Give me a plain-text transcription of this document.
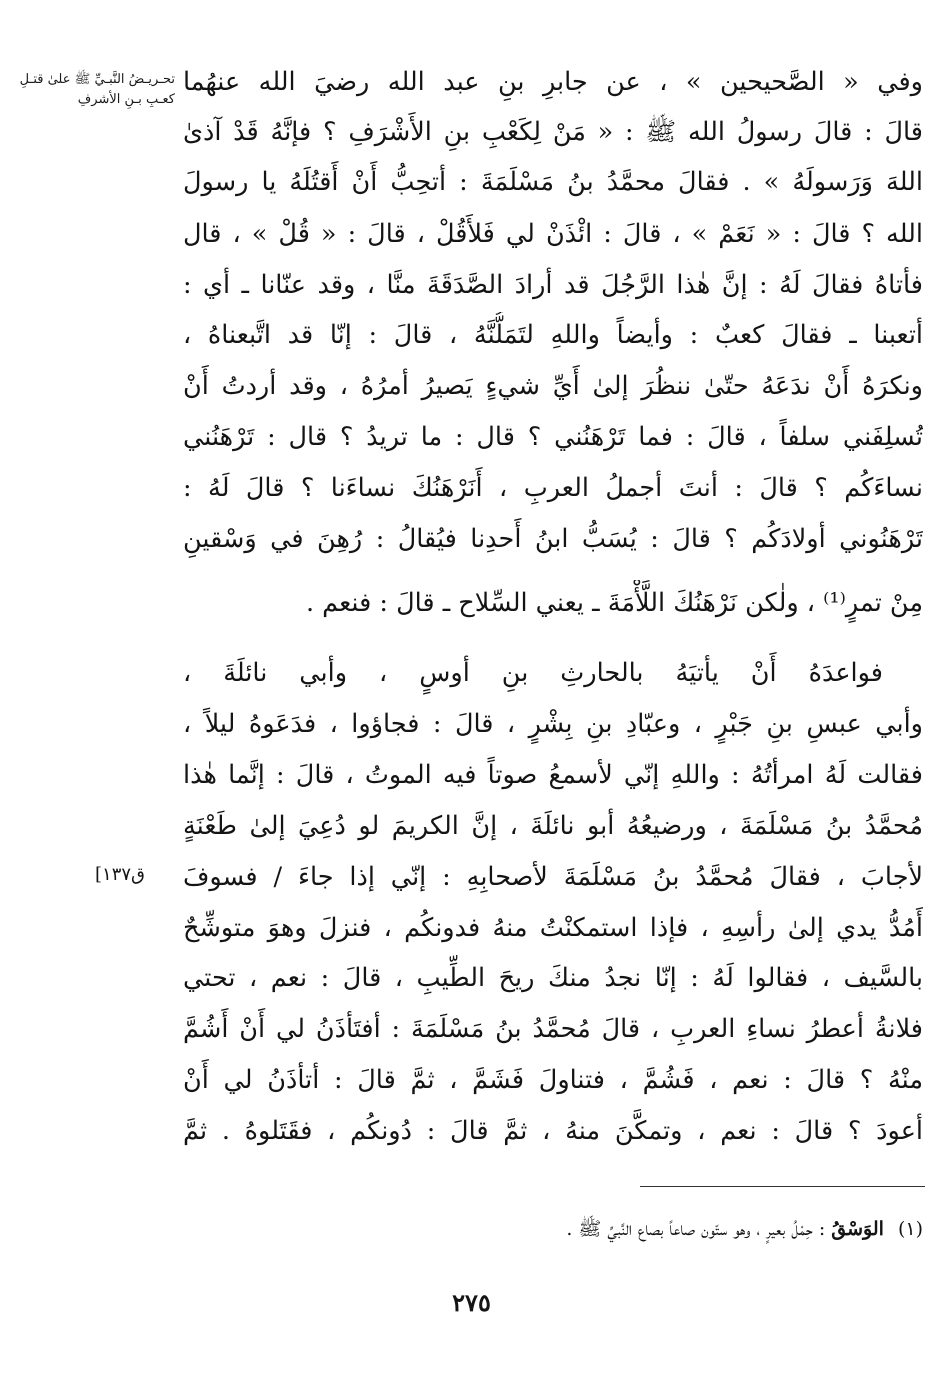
تحـريـضُ النَّبـيِّ ﷺ علىٰ قتـلِ كعـبِ بـنِ الأشرفِ
وفي « الصَّحيحين » ، عن جابرِ بنِ عبد الله رضيَ الله عنهُما
قالَ : قالَ رسولُ الله ﷺ : « مَنْ لِكَعْبِ بنِ الأَشْرَفِ ؟ فإنَّهُ قَدْ آذىٰ
اللهَ وَرَسولَهُ » . فقالَ محمَّدُ بنُ مَسْلَمَةَ : أتحِبُّ أَنْ أَقتُلَهُ يا رسولَ
الله ؟ قالَ : « نَعَمْ » ، قالَ : ائْذَنْ لي فَلأَقُلْ ، قالَ : « قُلْ » ، قال
فأتاهُ فقالَ لَهُ : إنَّ هٰذا الرَّجُلَ قد أرادَ الصَّدَقَةَ منَّا ، وقد عنّانا ـ أي :
أتعبنا ـ فقالَ كعبٌ : وأيضاً واللهِ لتَمَلُّنَّهُ ، قالَ : إنّا قد اتَّبعناهُ ،
ونكرَهُ أَنْ ندَعَهُ حتّىٰ ننظُرَ إلىٰ أَيِّ شيءٍ يَصيرُ أمرُهُ ، وقد أردتُ أَنْ
تُسلِفَني سلفاً ، قالَ : فما تَرْهَنُني ؟ قال : ما تريدُ ؟ قال : تَرْهَنُني
نساءَكُم ؟ قالَ : أنتَ أجملُ العربِ ، أَنَرْهَنُكَ نساءَنا ؟ قالَ لَهُ :
تَرْهَنُوني أولادَكُم ؟ قالَ : يُسَبُّ ابنُ أَحدِنا فيُقالُ : رُهِنَ في وَسْقينِ
مِنْ تمرٍ⁽¹⁾ ، ولٰكن نَرْهَنُكَ اللَّأْمَةَ ـ يعني السِّلاح ـ قالَ : فنعم .
فواعدَهُ أَنْ يأتيَهُ بالحارثِ بنِ أوسٍ ، وأبي نائلَةَ ،
وأبي عبسِ بنِ جَبْرٍ ، وعبّادِ بنِ بِشْرٍ ، قالَ : فجاؤوا ، فدَعَوهُ ليلاً ،
فقالت لَهُ امرأتُهُ : واللهِ إنّي لأسمعُ صوتاً فيه الموتُ ، قالَ : إنَّما هٰذا
مُحمَّدُ بنُ مَسْلَمَةَ ، ورضيعُهُ أبو نائلَةَ ، إنَّ الكريمَ لو دُعِيَ إلىٰ طَعْنَةٍ
لأجابَ ، فقالَ مُحمَّدُ بنُ مَسْلَمَةَ لأصحابِهِ : إنّي إذا جاءَ / فسوفَ
أَمُدُّ يدي إلىٰ رأسِهِ ، فإذا استمكنْتُ منهُ فدونكُم ، فنزلَ وهوَ متوشِّحٌ
بالسَّيف ، فقالوا لَهُ : إنّا نجدُ منكَ ريحَ الطِّيبِ ، قالَ : نعم ، تحتي
فلانةُ أعطرُ نساءِ العربِ ، قالَ مُحمَّدُ بنُ مَسْلَمَةَ : أفتَأذَنُ لي أَنْ أَشُمَّ
منْهُ ؟ قالَ : نعم ، فَشُمَّ ، فتناولَ فَشَمَّ ، ثمَّ قالَ : أتأذَنُ لي أَنْ
أعودَ ؟ قالَ : نعم ، وتمكَّنَ منهُ ، ثمَّ قالَ : دُونكُم ، فقَتَلوهُ . ثمَّ
[ق١٣٧
(١)الوَسْقُ: حِمْلُ بعيرٍ ، وهو ستّون صاعاً بصاع النَّبيِّ ﷺ .
٢٧٥
